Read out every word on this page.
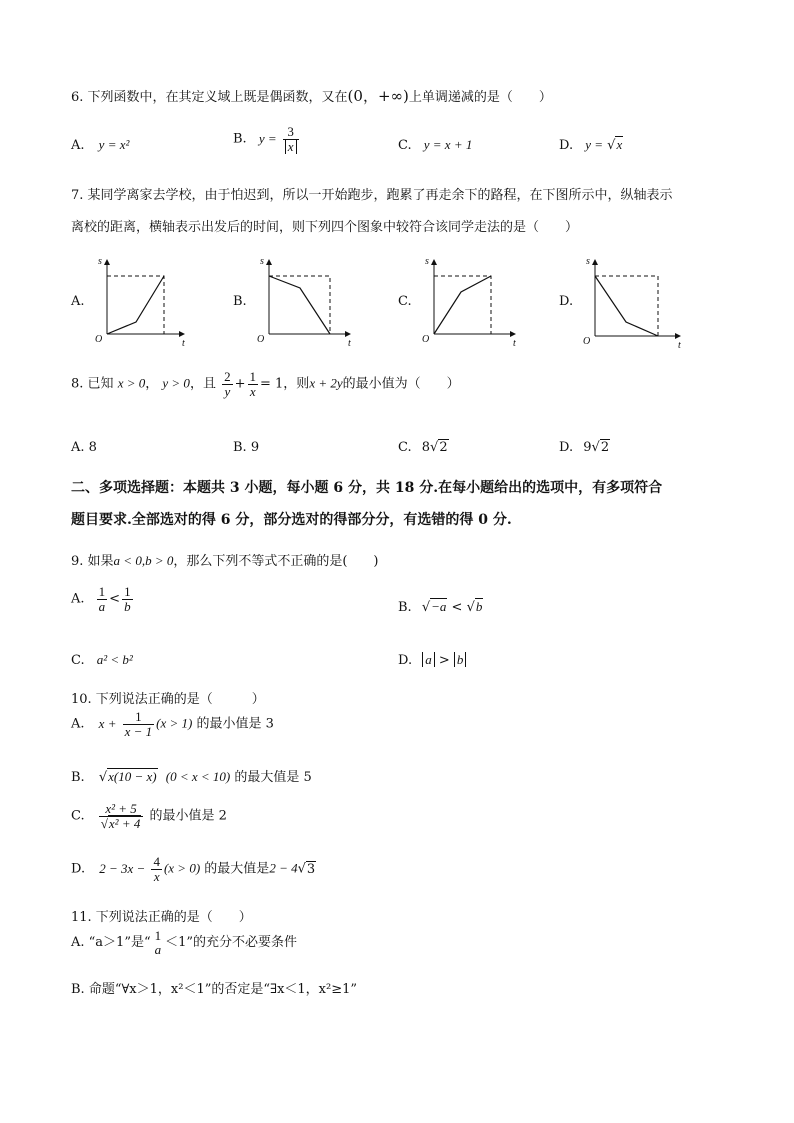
6. 下列函数中，在其定义域上既是偶函数，又在(0，+∞)上单调递减的是（　　）
A. y = x²	B. $y = \frac{3}{x}$	C. y = x + 1	D. y = √x
7. 某同学离家去学校，由于怕迟到，所以一开始跑步，跑累了再走余下的路程，在下图所示中，纵轴表示
离校的距离，横轴表示出发后的时间，则下列四个图象中较符合该同学走法的是（　　）
A.
s
t
O
B.
s
t
O
C.
s
t
O
D.
s
t
O
8. 已知 x > 0， y > 0，且 $\frac{2}{y} + \frac{1}{x} = 1$，则x + 2y的最小值为（　　）
A. 8	B. 9	C. 8√2	D. 9√2
二、多项选择题：本题共 3 小题，每小题 6 分，共 18 分.在每小题给出的选项中，有多项符合
题目要求.全部选对的得 6 分，部分选对的得部分分，有选错的得 0 分.
9. 如果a < 0,b > 0，那么下列不等式不正确的是(　　)
A. $\frac{1}{a} < \frac{1}{b}$	B. √−a < √b
C. a² < b²	D. a > b
10. 下列说法正确的是（　　　）
A. $x + \frac{1}{x - 1} (x > 1)$ 的最小值是 3
B. √x(10 − x) (0 < x < 10) 的最大值是 5
C. $\frac{\text{x² + 5}}{\text{√x² + 4}}$ 的最小值是 2
D. $2 - 3x - \frac{4}{x} (x > 0)$ 的最大值是2 − 4√3
11. 下列说法正确的是（　　）
A. “a＞1”是“ 1
a ＜1”的充分不必要条件
B. 命题“∀x＞1，x²＜1”的否定是“∃x＜1，x²≥1”
